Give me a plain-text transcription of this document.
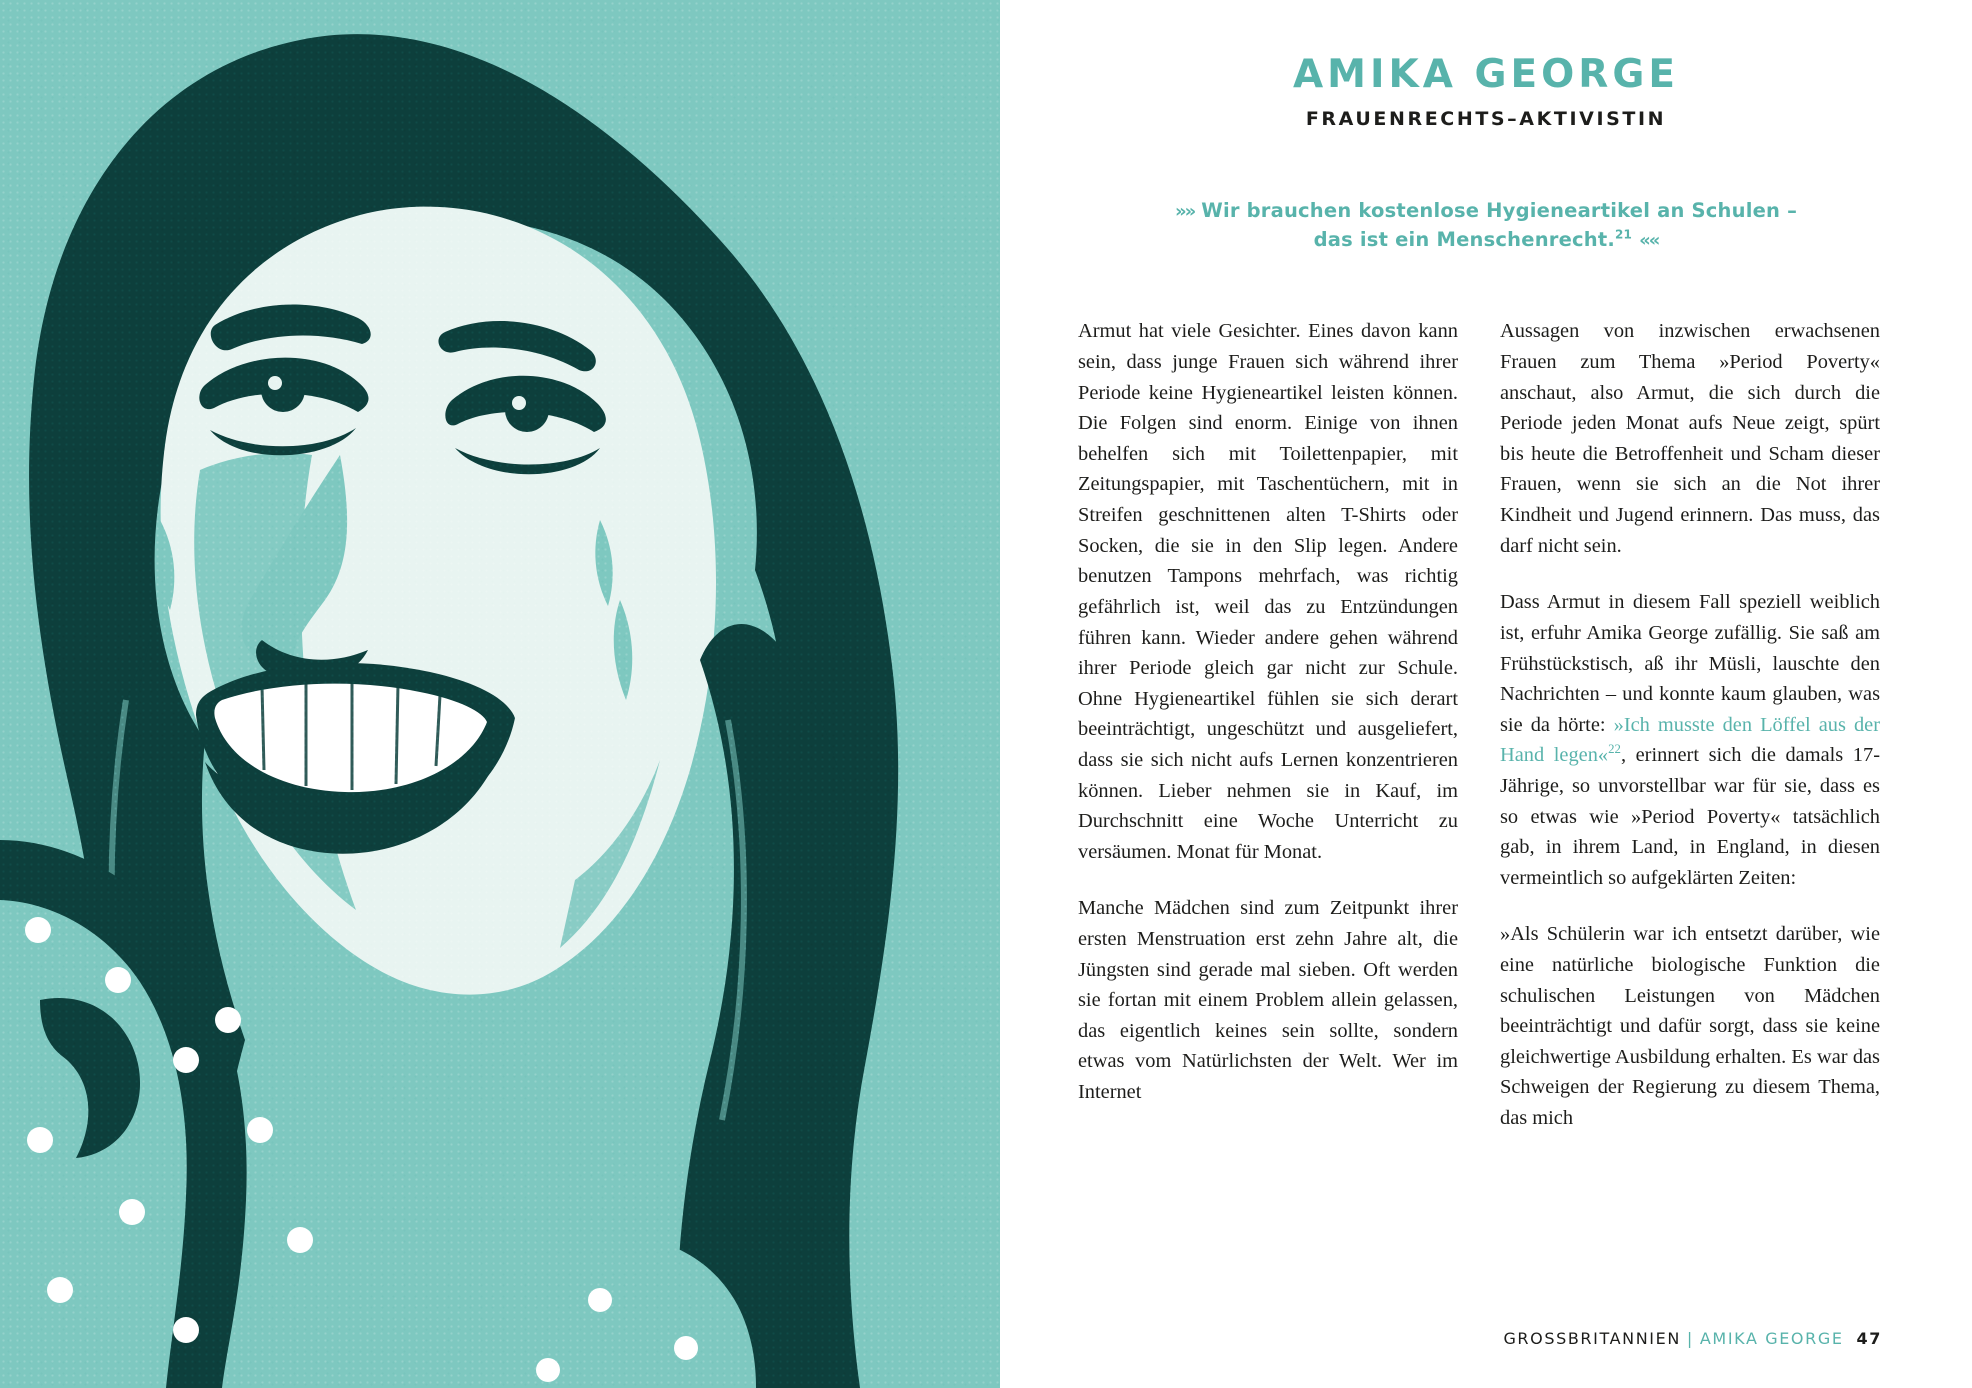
AMIKA GEORGE
FRAUENRECHTS–AKTIVISTIN
»» Wir brauchen kostenlose Hygieneartikel an Schulen –
das ist ein Menschenrecht.$^{21}$ ««

Armut hat viele Gesichter. Eines davon kann sein, dass junge Frauen sich während ihrer Periode keine Hygieneartikel leisten können. Die Folgen sind enorm. Einige von ihnen behelfen sich mit Toilettenpapier, mit Zeitungspapier, mit Taschentüchern, mit in Streifen geschnittenen alten T-Shirts oder Socken, die sie in den Slip legen. Andere benutzen Tampons mehrfach, was richtig gefährlich ist, weil das zu Entzündungen führen kann. Wieder andere gehen während ihrer Periode gleich gar nicht zur Schule. Ohne Hygieneartikel fühlen sie sich derart beeinträchtigt, ungeschützt und ausgeliefert, dass sie sich nicht aufs Lernen konzentrieren können. Lieber nehmen sie in Kauf, im Durchschnitt eine Woche Unterricht zu versäumen. Monat für Monat.

Manche Mädchen sind zum Zeitpunkt ihrer ersten Menstruation erst zehn Jahre alt, die Jüngsten sind gerade mal sieben. Oft werden sie fortan mit einem Problem allein gelassen, das eigentlich keines sein sollte, sondern etwas vom Natürlichsten der Welt. Wer im Internet

Aussagen von inzwischen erwachsenen Frauen zum Thema »Period Poverty« anschaut, also Armut, die sich durch die Periode jeden Monat aufs Neue zeigt, spürt bis heute die Betroffenheit und Scham dieser Frauen, wenn sie sich an die Not ihrer Kindheit und Jugend erinnern. Das muss, das darf nicht sein.

Dass Armut in diesem Fall speziell weiblich ist, erfuhr Amika George zufällig. Sie saß am Frühstückstisch, aß ihr Müsli, lauschte den Nachrichten – und konnte kaum glauben, was sie da hörte: »Ich musste den Löffel aus der Hand legen«$^{22}$, erinnert sich die damals 17-Jährige, so unvorstellbar war für sie, dass es so etwas wie »Period Poverty« tatsächlich gab, in ihrem Land, in England, in diesen vermeintlich so aufgeklärten Zeiten:

»Als Schülerin war ich entsetzt darüber, wie eine natürliche biologische Funktion die schulischen Leistungen von Mädchen beeinträchtigt und dafür sorgt, dass sie keine gleichwertige Ausbildung erhalten. Es war das Schweigen der Regierung zu diesem Thema, das mich

GROSSBRITANNIEN | AMIKA GEORGE 47
